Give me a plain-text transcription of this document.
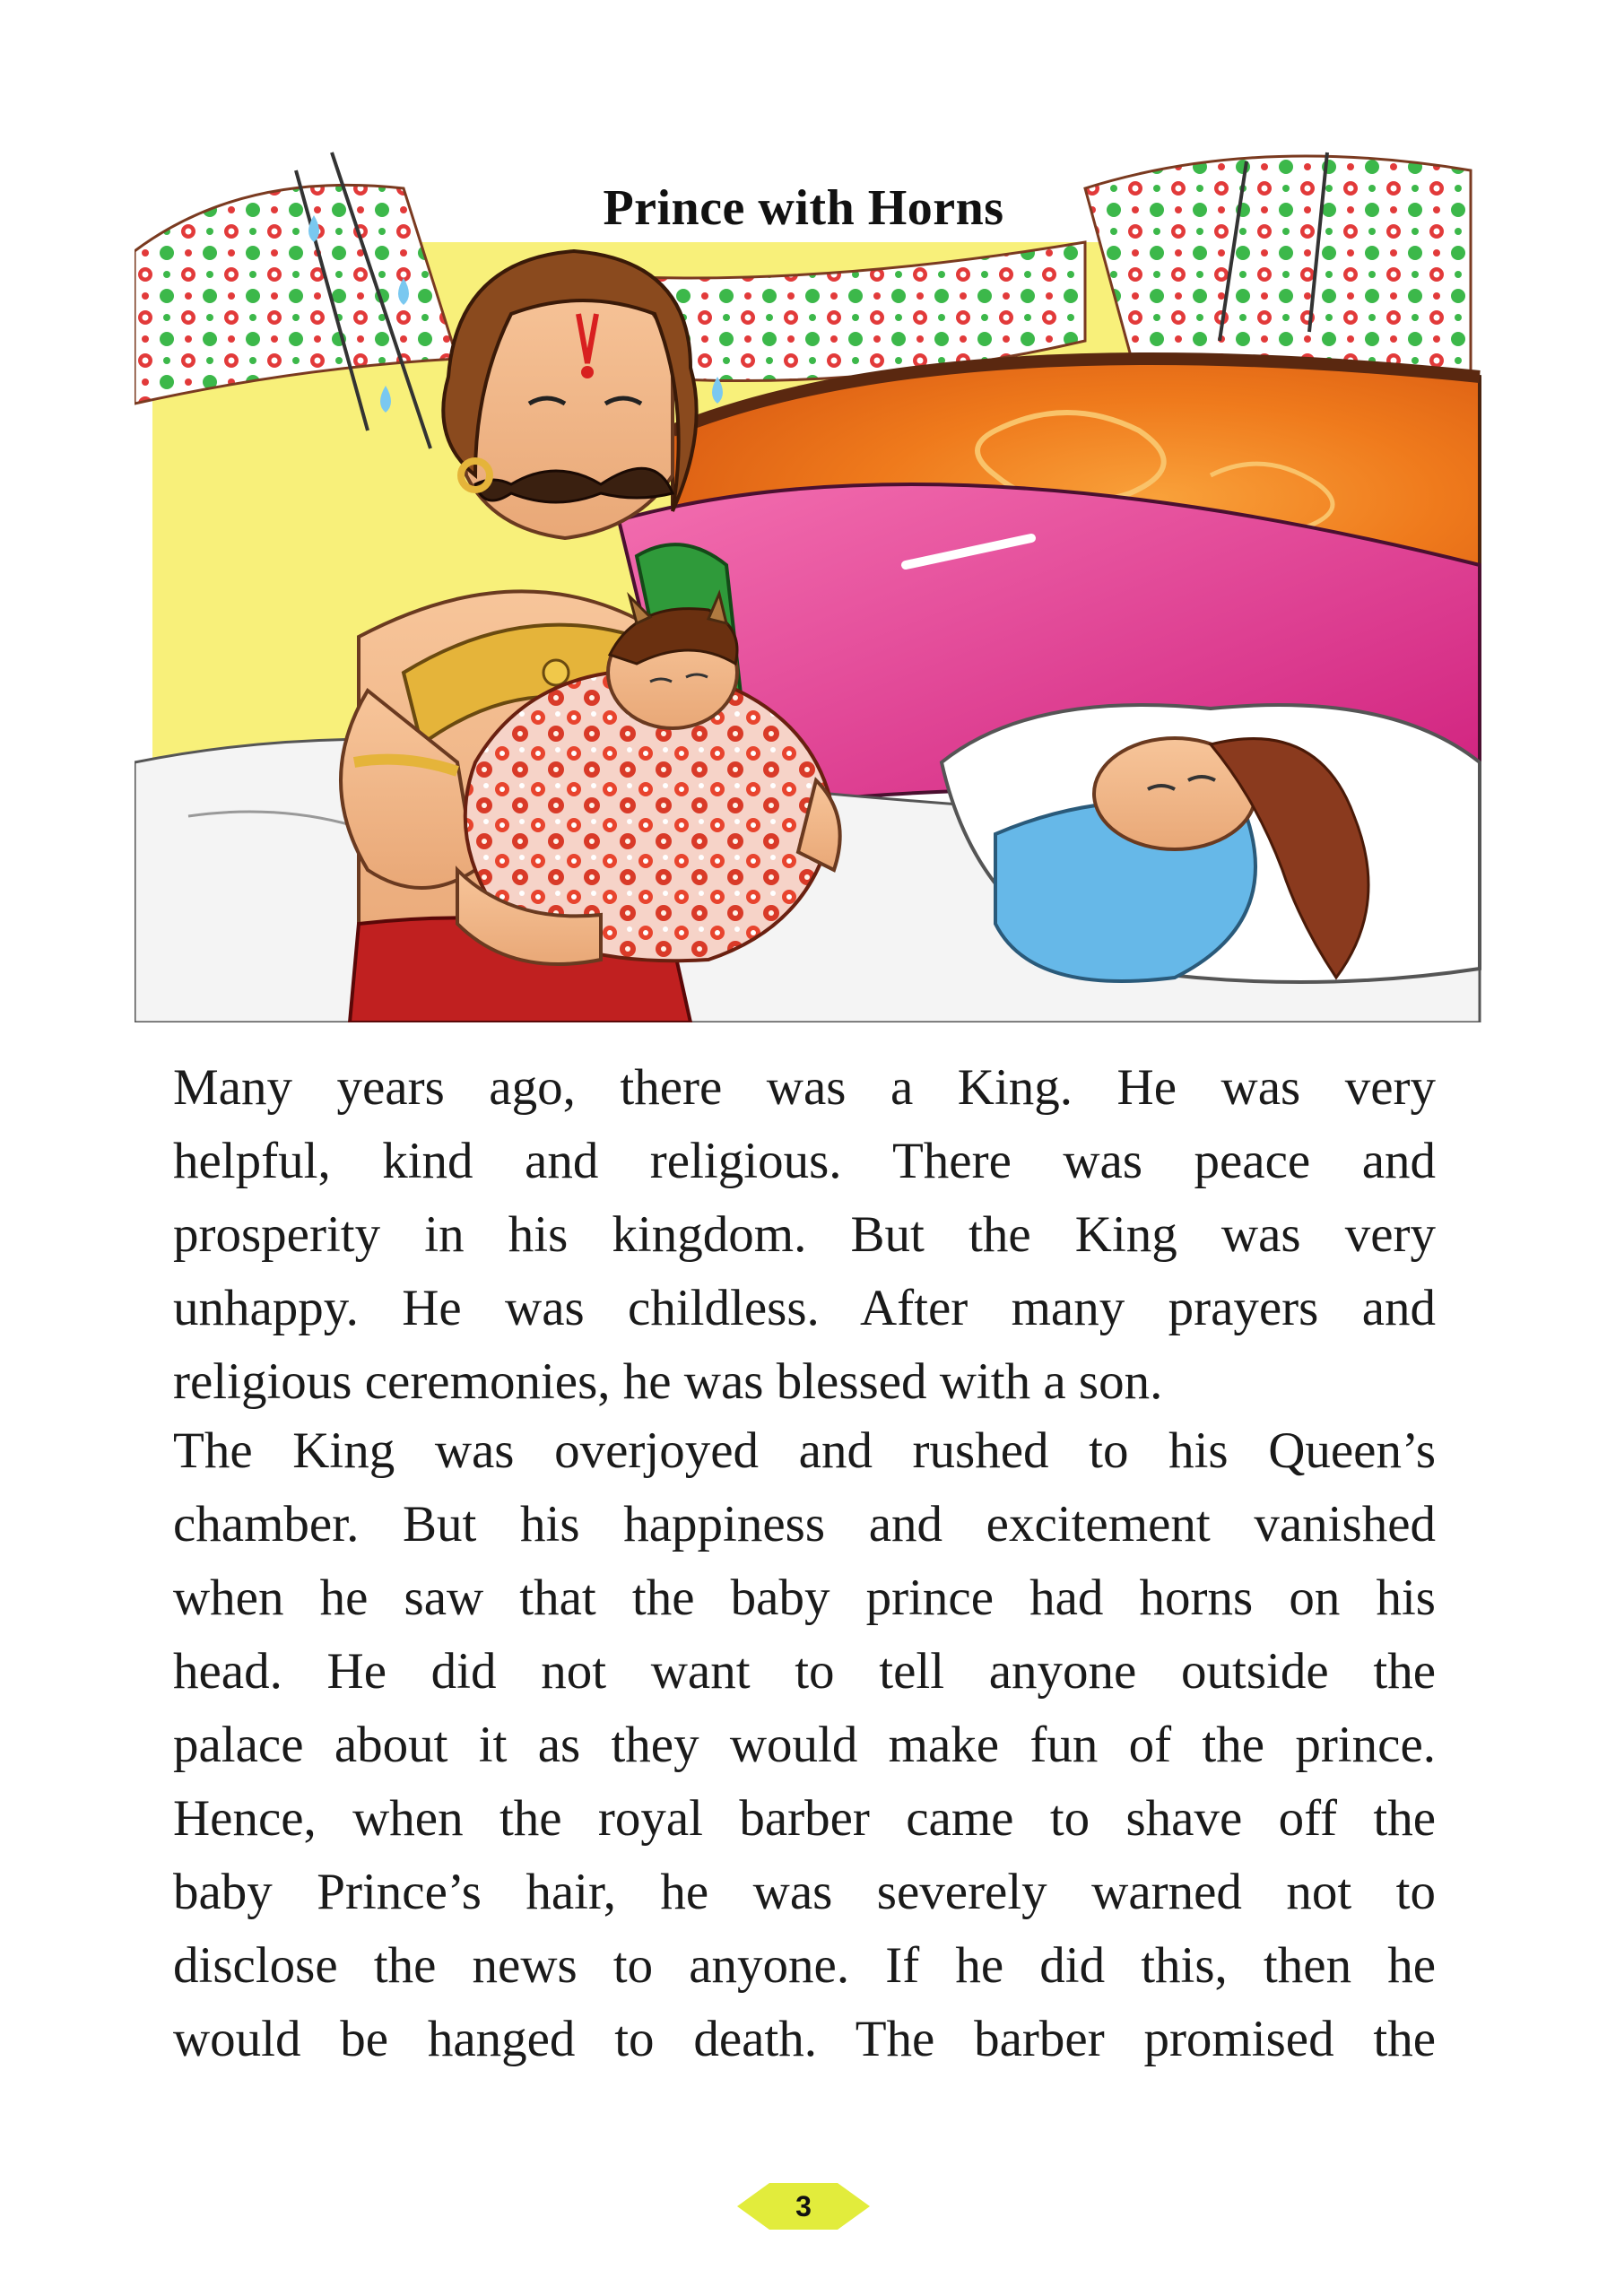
Prince with Horns
Many years ago, there was a King. He was very
helpful, kind and religious. There was peace and
prosperity in his kingdom. But the King was very
unhappy. He was childless. After many prayers and
religious ceremonies, he was blessed with a son.
The King was overjoyed and rushed to his Queen’s
chamber. But his happiness and excitement vanished
when he saw that the baby prince had horns on his
head. He did not want to tell anyone outside the
palace about it as they would make fun of the prince.
Hence, when the royal barber came to shave off the
baby Prince’s hair, he was severely warned not to
disclose the news to anyone. If he did this, then he
would be hanged to death. The barber promised the
3
